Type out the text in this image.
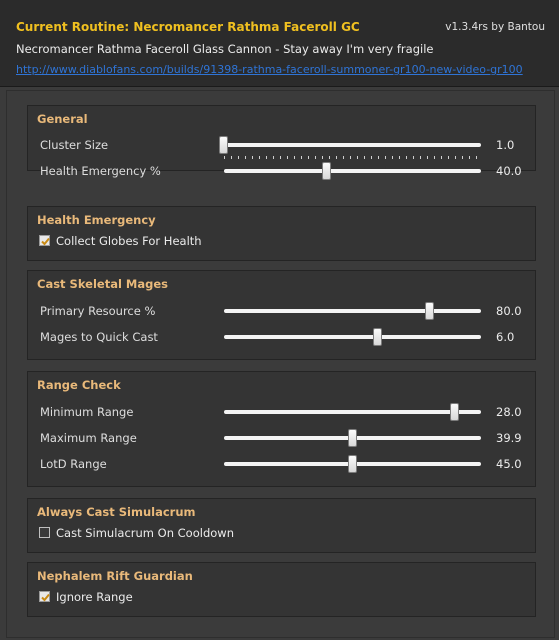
Current Routine: Necromancer Rathma Faceroll GC	v1.3.4rs by Bantou
Necromancer Rathma Faceroll Glass Cannon - Stay away I'm very fragile
http://www.diablofans.com/builds/91398-rathma-faceroll-summoner-gr100-new-video-gr100
General
Cluster Size	1.0
Health Emergency %	40.0
Health Emergency
Collect Globes For Health
Cast Skeletal Mages
Primary Resource %	80.0
Mages to Quick Cast	6.0
Range Check
Minimum Range	28.0
Maximum Range	39.9
LotD Range	45.0
Always Cast Simulacrum
Cast Simulacrum On Cooldown
Nephalem Rift Guardian
Ignore Range
